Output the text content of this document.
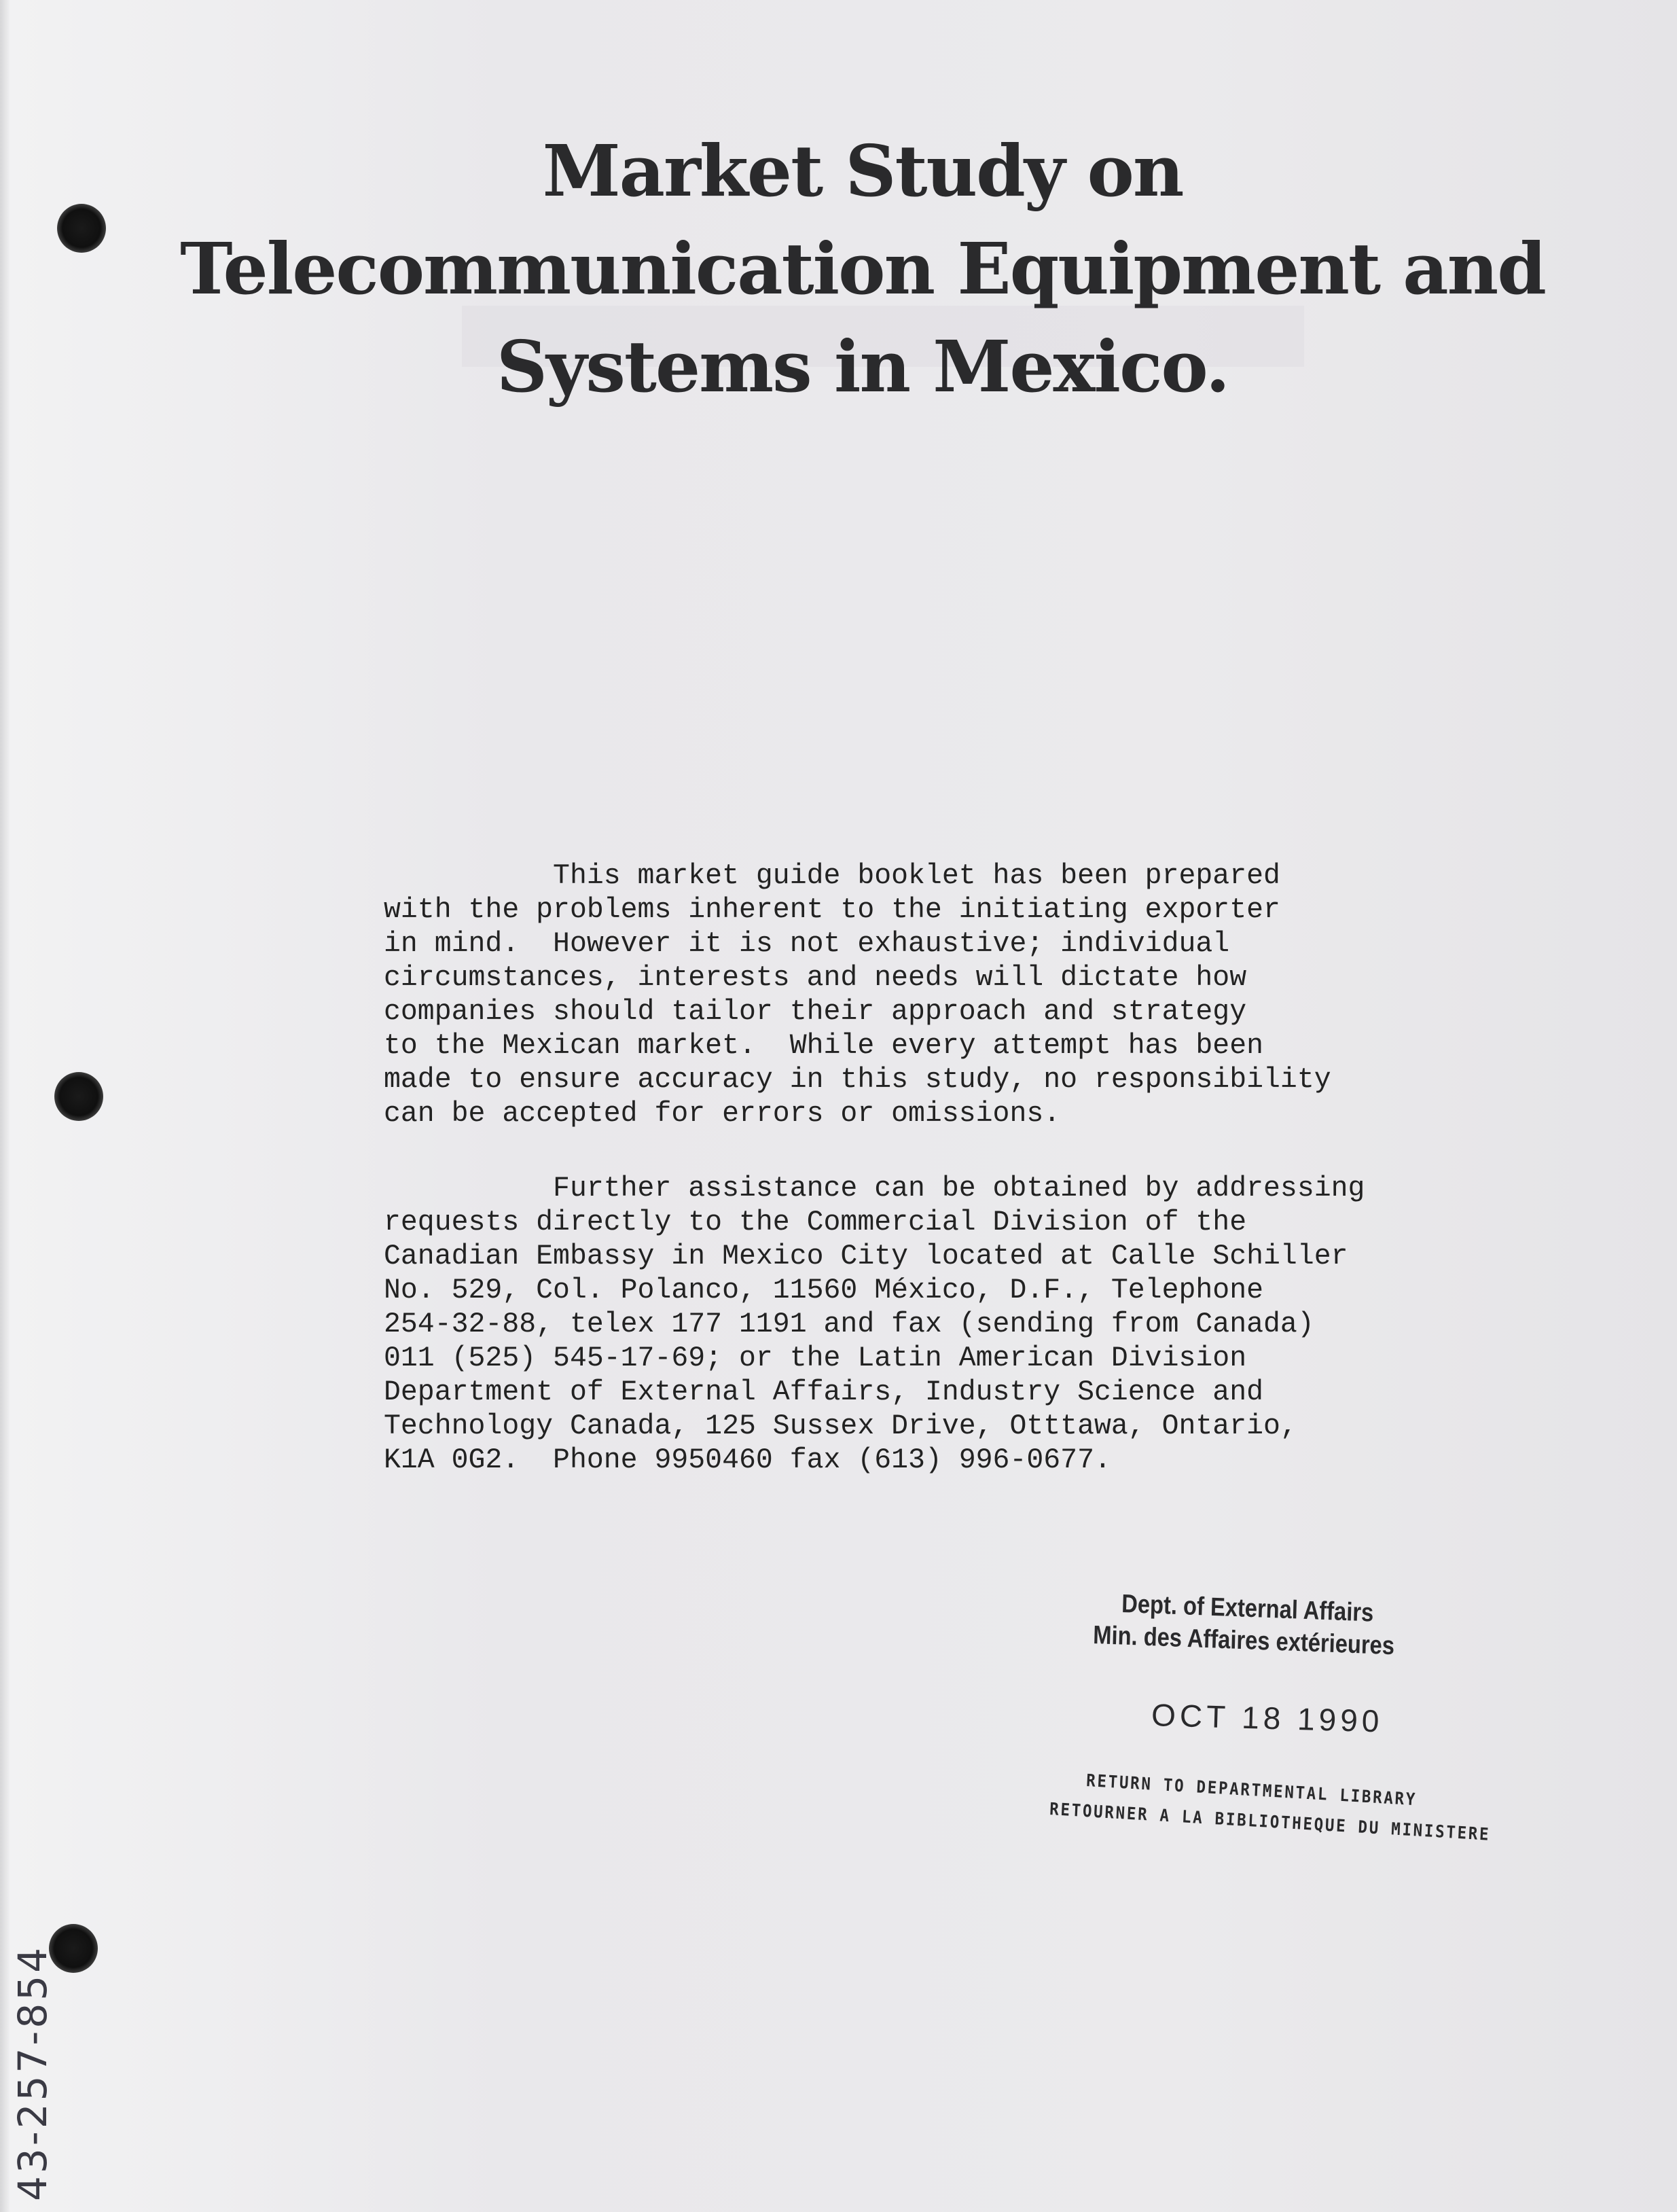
Market Study on
Telecommunication Equipment and
Systems in Mexico.
This market guide booklet has been prepared
with the problems inherent to the initiating exporter
in mind.  However it is not exhaustive; individual
circumstances, interests and needs will dictate how
companies should tailor their approach and strategy
to the Mexican market.  While every attempt has been
made to ensure accuracy in this study, no responsibility
can be accepted for errors or omissions.
Further assistance can be obtained by addressing
requests directly to the Commercial Division of the
Canadian Embassy in Mexico City located at Calle Schiller
No. 529, Col. Polanco, 11560 México, D.F., Telephone
254-32-88, telex 177 1191 and fax (sending from Canada)
011 (525) 545-17-69; or the Latin American Division
Department of External Affairs, Industry Science and
Technology Canada, 125 Sussex Drive, Otttawa, Ontario,
K1A 0G2.  Phone 9950460 fax (613) 996-0677.
Dept. of External Affairs
Min. des Affaires extérieures
OCT 18 1990
RETURN TO DEPARTMENTAL LIBRARY
RETOURNER A LA BIBLIOTHEQUE DU MINISTERE
43-257-854
